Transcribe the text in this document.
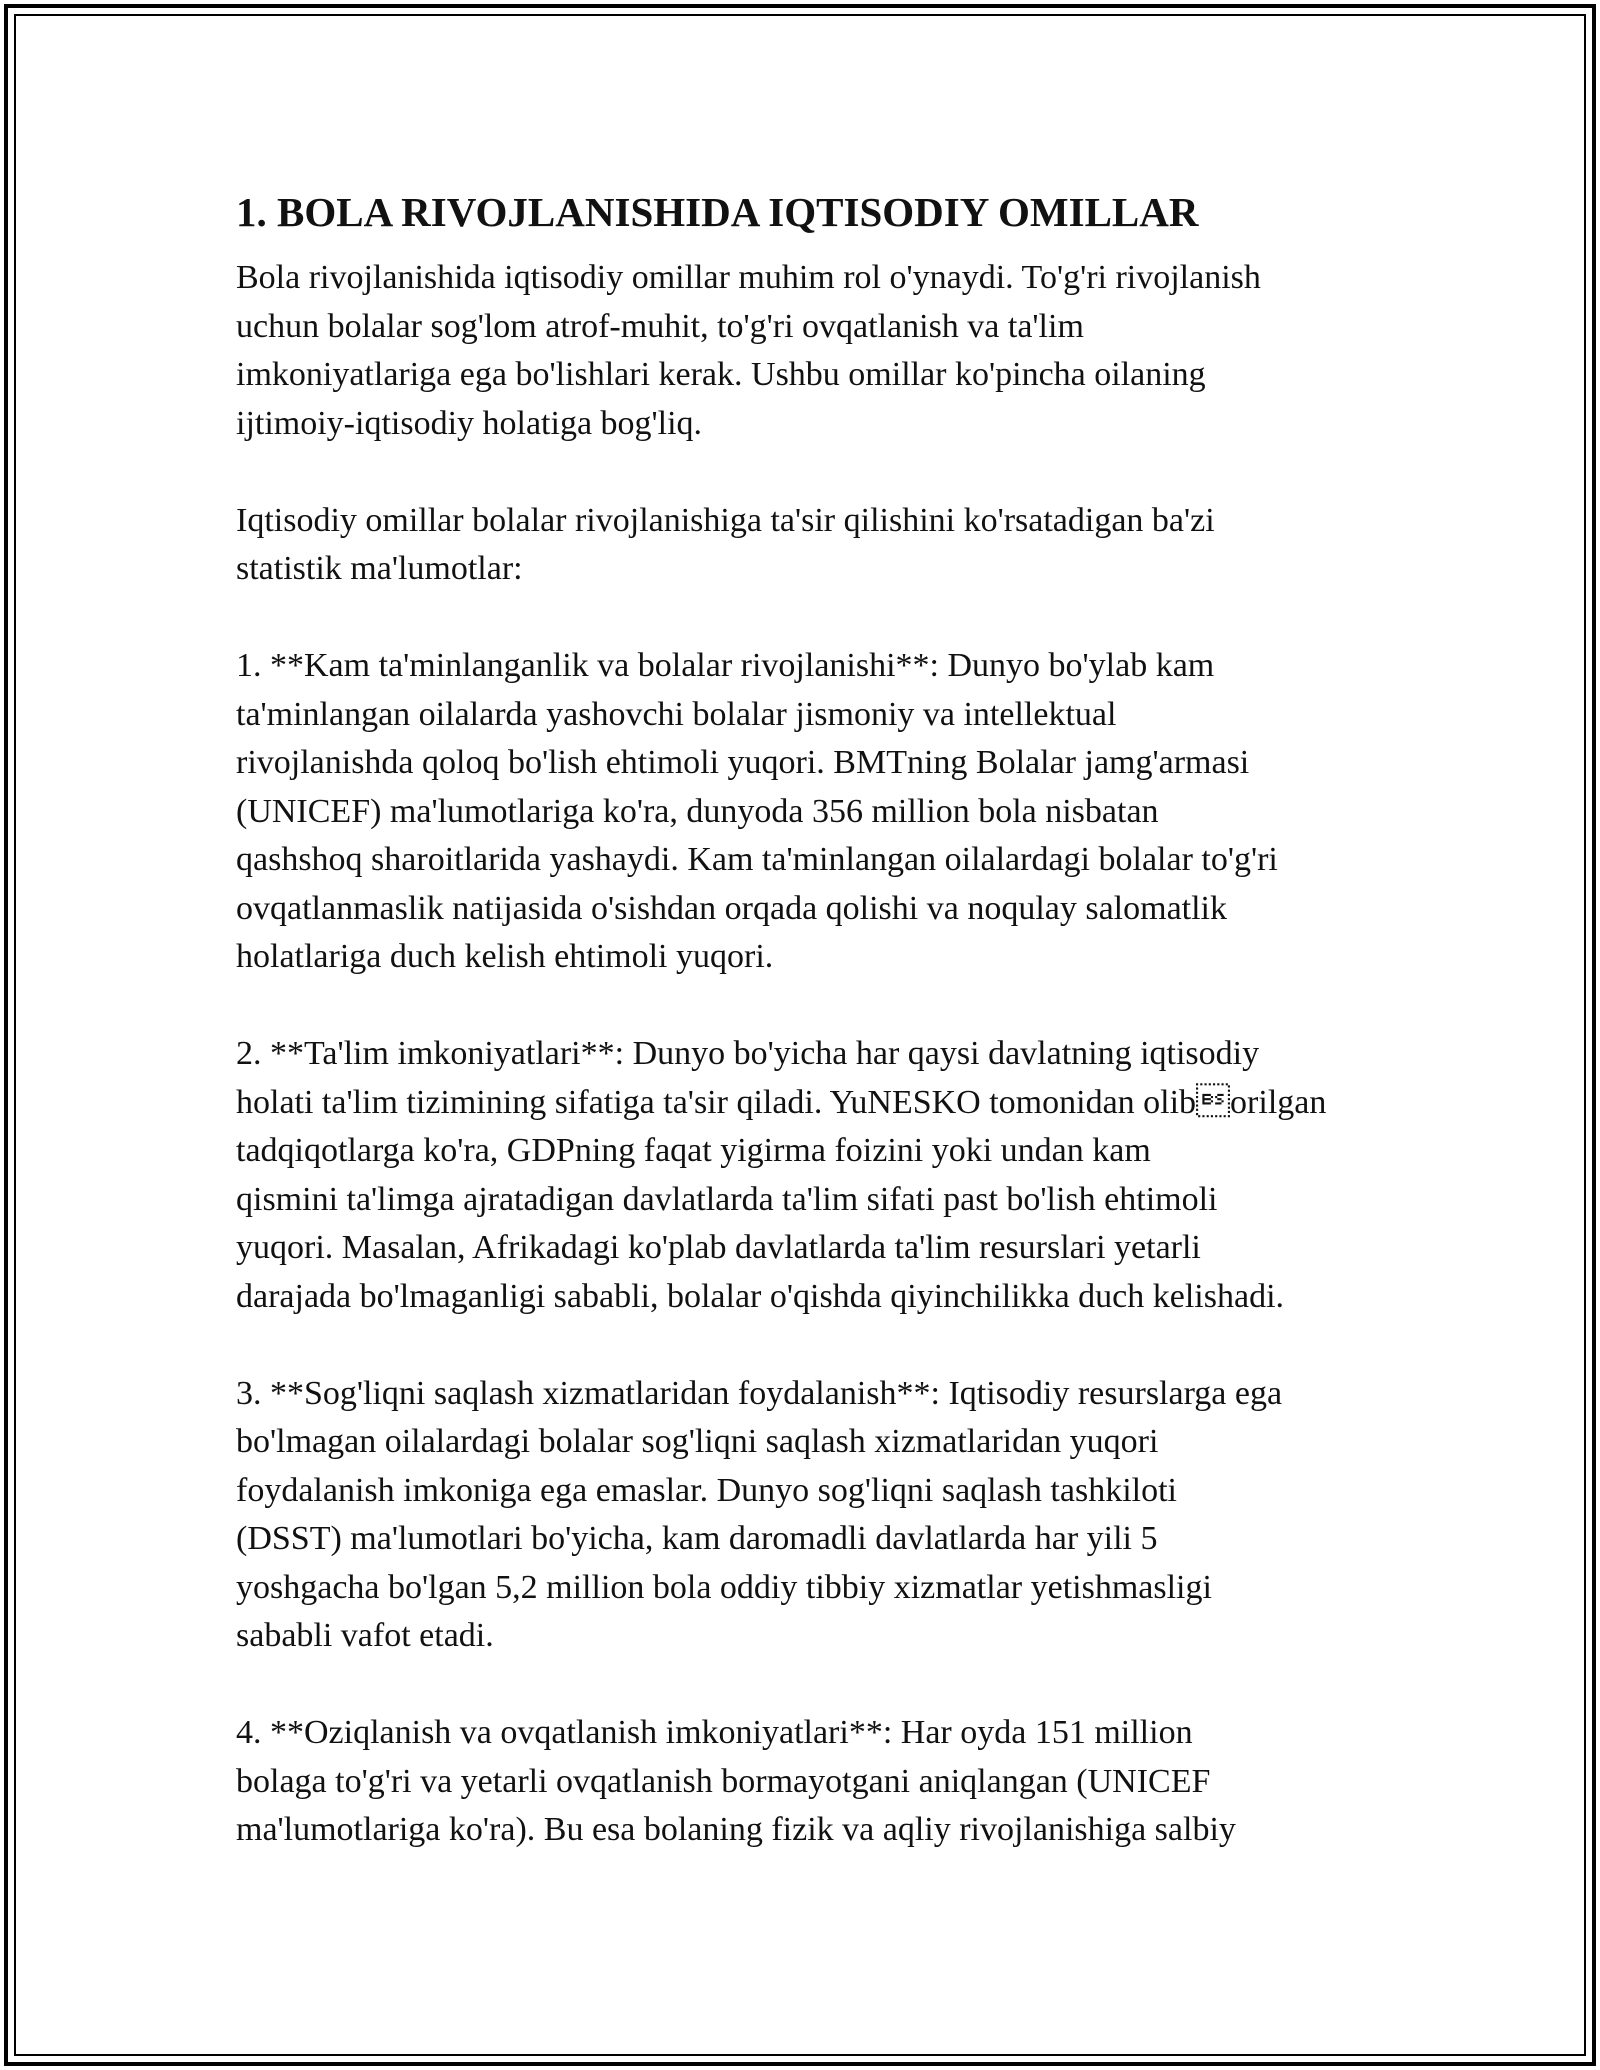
1. BOLA RIVOJLANISHIDA IQTISODIY OMILLAR

Bola rivojlanishida iqtisodiy omillar muhim rol o'ynaydi. To'g'ri rivojlanish
uchun bolalar sog'lom atrof-muhit, to'g'ri ovqatlanish va ta'lim
imkoniyatlariga ega bo'lishlari kerak. Ushbu omillar ko'pincha oilaning
ijtimoiy-iqtisodiy holatiga bog'liq.

Iqtisodiy omillar bolalar rivojlanishiga ta'sir qilishini ko'rsatadigan ba'zi
statistik ma'lumotlar:

1. **Kam ta'minlanganlik va bolalar rivojlanishi**: Dunyo bo'ylab kam
ta'minlangan oilalarda yashovchi bolalar jismoniy va intellektual
rivojlanishda qoloq bo'lish ehtimoli yuqori. BMTning Bolalar jamg'armasi
(UNICEF) ma'lumotlariga ko'ra, dunyoda 356 million bola nisbatan
qashshoq sharoitlarida yashaydi. Kam ta'minlangan oilalardagi bolalar to'g'ri
ovqatlanmaslik natijasida o'sishdan orqada qolishi va noqulay salomatlik
holatlariga duch kelish ehtimoli yuqori.

2. **Ta'lim imkoniyatlari**: Dunyo bo'yicha har qaysi davlatning iqtisodiy
holati ta'lim tizimining sifatiga ta'sir qiladi. YuNESKO tomonidan oliborilgan tadqiqotlarga ko'ra, GDPning faqat yigirma foizini yoki undan kam
qismini ta'limga ajratadigan davlatlarda ta'lim sifati past bo'lish ehtimoli
yuqori. Masalan, Afrikadagi ko'plab davlatlarda ta'lim resurslari yetarli
darajada bo'lmaganligi sababli, bolalar o'qishda qiyinchilikka duch kelishadi.

3. **Sog'liqni saqlash xizmatlaridan foydalanish**: Iqtisodiy resurslarga ega
bo'lmagan oilalardagi bolalar sog'liqni saqlash xizmatlaridan yuqori
foydalanish imkoniga ega emaslar. Dunyo sog'liqni saqlash tashkiloti
(DSST) ma'lumotlari bo'yicha, kam daromadli davlatlarda har yili 5
yoshgacha bo'lgan 5,2 million bola oddiy tibbiy xizmatlar yetishmasligi
sababli vafot etadi.

4. **Oziqlanish va ovqatlanish imkoniyatlari**: Har oyda 151 million
bolaga to'g'ri va yetarli ovqatlanish bormayotgani aniqlangan (UNICEF
ma'lumotlariga ko'ra). Bu esa bolaning fizik va aqliy rivojlanishiga salbiy
